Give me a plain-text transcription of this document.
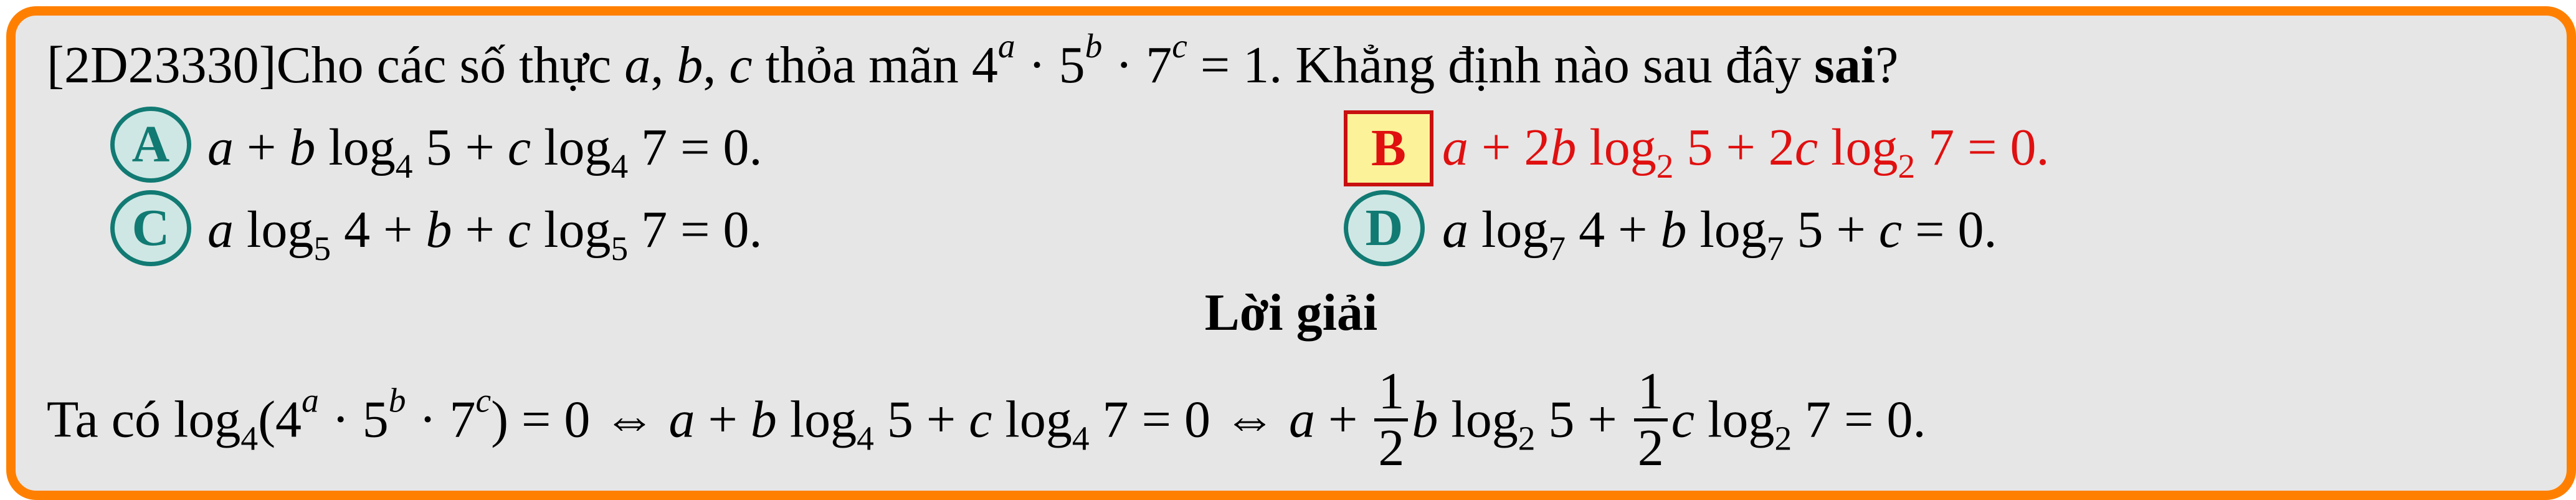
[2D23330]Cho các số thực a, b, c thỏa mãn $4^a \cdot 5^b \cdot 7^c = 1$. Khẳng định nào sau đây sai?
A a + b $\log_4 5 + c$ $\log_4 7 = 0$.	B a + 2b $\log_2 5 + 2c$ $\log_2 7 = 0$.
C a $\log_5 4 + b + c$ $\log_5 7 = 0$.	D a $\log_7 4 + b$ $\log_7 5 + c = 0$.
Lời giải
Ta có $\log_4(4^a \cdot 5^b \cdot 7^c) = 0$ ⇔ a + b $\log_4 5 + c$ $\log_4 7 = 0$ ⇔ $a + \frac{1}{2}$ b $\log_2 5 + \frac{1}{2}$ c $\log_2 7 = 0$.
